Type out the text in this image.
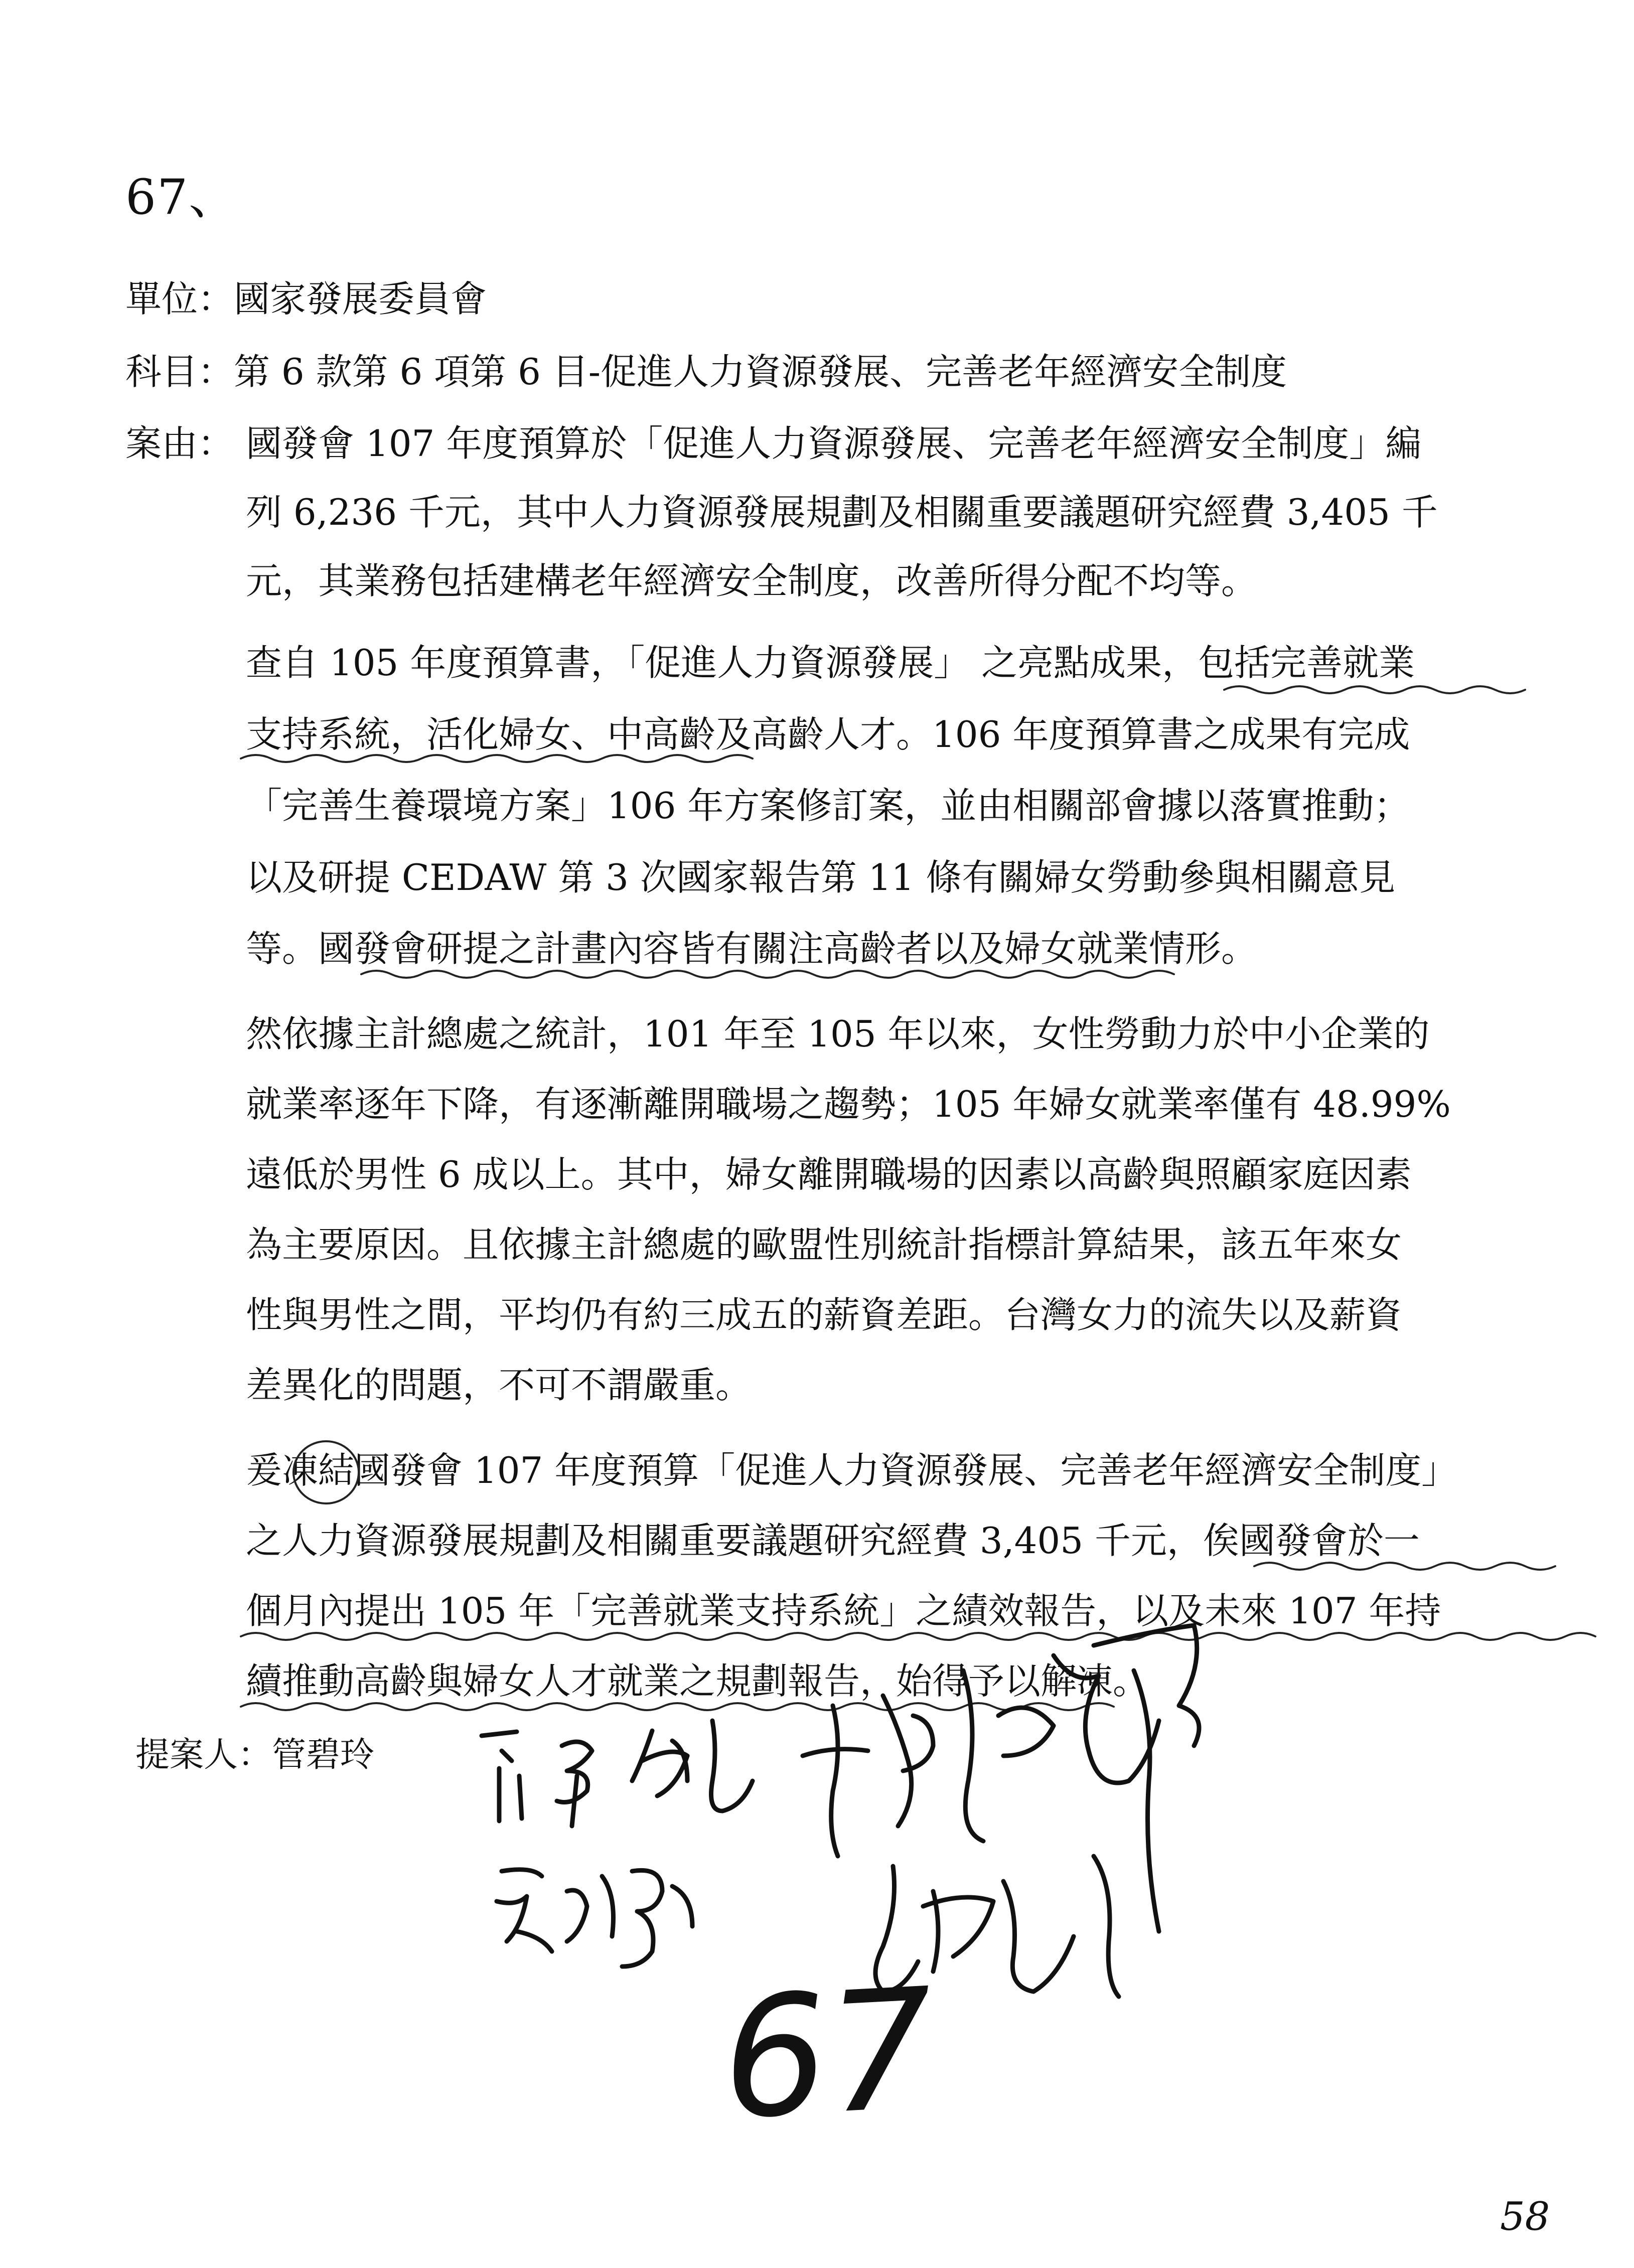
67、
單位：國家發展委員會
科目：第 6 款第 6 項第 6 目-促進人力資源發展、完善老年經濟安全制度
案由： 國發會 107 年度預算於「促進人力資源發展、完善老年經濟安全制度」編
列 6,236 千元，其中人力資源發展規劃及相關重要議題研究經費 3,405 千
元，其業務包括建構老年經濟安全制度，改善所得分配不均等。
查自 105 年度預算書，「促進人力資源發展」 之亮點成果，包括完善就業
支持系統，活化婦女、中高齡及高齡人才。106 年度預算書之成果有完成
「完善生養環境方案」106 年方案修訂案，並由相關部會據以落實推動；
以及研提 CEDAW 第 3 次國家報告第 11 條有關婦女勞動參與相關意見
等。國發會研提之計畫內容皆有關注高齡者以及婦女就業情形。
然依據主計總處之統計，101 年至 105 年以來，女性勞動力於中小企業的
就業率逐年下降，有逐漸離開職場之趨勢；105 年婦女就業率僅有 48.99%
遠低於男性 6 成以上。其中，婦女離開職場的因素以高齡與照顧家庭因素
為主要原因。且依據主計總處的歐盟性別統計指標計算結果，該五年來女
性與男性之間，平均仍有約三成五的薪資差距。台灣女力的流失以及薪資
差異化的問題，不可不謂嚴重。
爰凍結國發會 107 年度預算「促進人力資源發展、完善老年經濟安全制度」
之人力資源發展規劃及相關重要議題研究經費 3,405 千元，俟國發會於一
個月內提出 105 年「完善就業支持系統」之績效報告，以及未來 107 年持
續推動高齡與婦女人才就業之規劃報告，始得予以解凍。
提案人：管碧玲
67
58
